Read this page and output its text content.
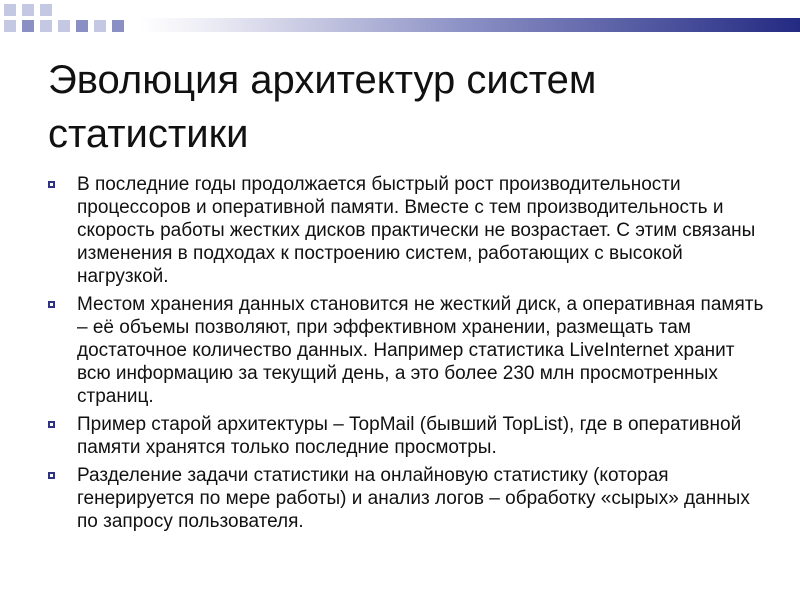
Эволюция архитектур систем статистики
В последние годы продолжается быстрый рост производительности процессоров и оперативной памяти. Вместе с тем производительность и скорость работы жестких дисков практически не возрастает. С этим связаны изменения в подходах к построению систем, работающих с высокой нагрузкой.
Местом хранения данных становится не жесткий диск, а оперативная память – её объемы позволяют, при эффективном хранении, размещать там достаточное количество данных. Например статистика LiveInternet хранит всю информацию за текущий день, а это более 230 млн просмотренных страниц.
Пример старой архитектуры – TopMail (бывший TopList), где в оперативной памяти хранятся только последние просмотры.
Разделение задачи статистики на онлайновую статистику (которая генерируется по мере работы) и анализ логов – обработку «сырых» данных по запросу пользователя.
